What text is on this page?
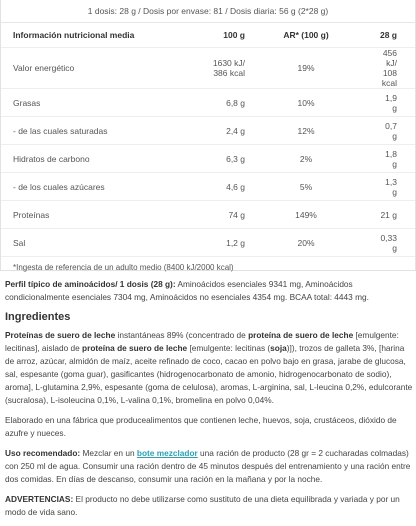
1 dosis: 28 g / Dosis por envase: 81 / Dosis diaria: 56 g (2*28 g)
Información nutricional media	100 g	AR* (100 g)	28 g
Valor energético	1630 kJ/ 386 kcal	19%	456 kJ/ 108 kcal
Grasas	6,8 g	10%	1,9 g
- de las cuales saturadas	2,4 g	12%	0,7 g
Hidratos de carbono	6,3 g	2%	1,8 g
- de los cuales azúcares	4,6 g	5%	1,3 g
Proteínas	74 g	149%	21 g
Sal	1,2 g	20%	0,33 g
*Ingesta de referencia de un adulto medio (8400 kJ/2000 kcal)

Perfil típico de aminoácidos/ 1 dosis (28 g): Aminoácidos esenciales 9341 mg, Aminoácidos condicionalmente esenciales 7304 mg, Aminoácidos no esenciales 4354 mg. BCAA total: 4443 mg.

Ingredientes

Proteínas de suero de leche instantáneas 89% (concentrado de proteína de suero de leche [emulgente: lecitinas], aislado de proteína de suero de leche [emulgente: lecitinas (soja)]), trozos de galleta 3%, [harina de arroz, azúcar, almidón de maíz, aceite refinado de coco, cacao en polvo bajo en grasa, jarabe de glucosa, sal, espesante (goma guar), gasificantes (hidrogenocarbonato de amonio, hidrogenocarbonato de sodio), aroma], L-glutamina 2,9%, espesante (goma de celulosa), aromas, L-arginina, sal, L-leucina 0,2%, edulcorante (sucralosa), L-isoleucina 0,1%, L-valina 0,1%, bromelina en polvo 0,04%.

Elaborado en una fábrica que producealimentos que contienen leche, huevos, soja, crustáceos, dióxido de azufre y nueces.

Uso recomendado: Mezclar en un bote mezclador una ración de producto (28 gr = 2 cucharadas colmadas) con 250 ml de agua. Consumir una ración dentro de 45 minutos después del entrenamiento y una ración entre dos comidas. En días de descanso, consumir una ración en la mañana y por la noche.

ADVERTENCIAS: El producto no debe utilizarse como sustituto de una dieta equilibrada y variada y por un modo de vida sano.
